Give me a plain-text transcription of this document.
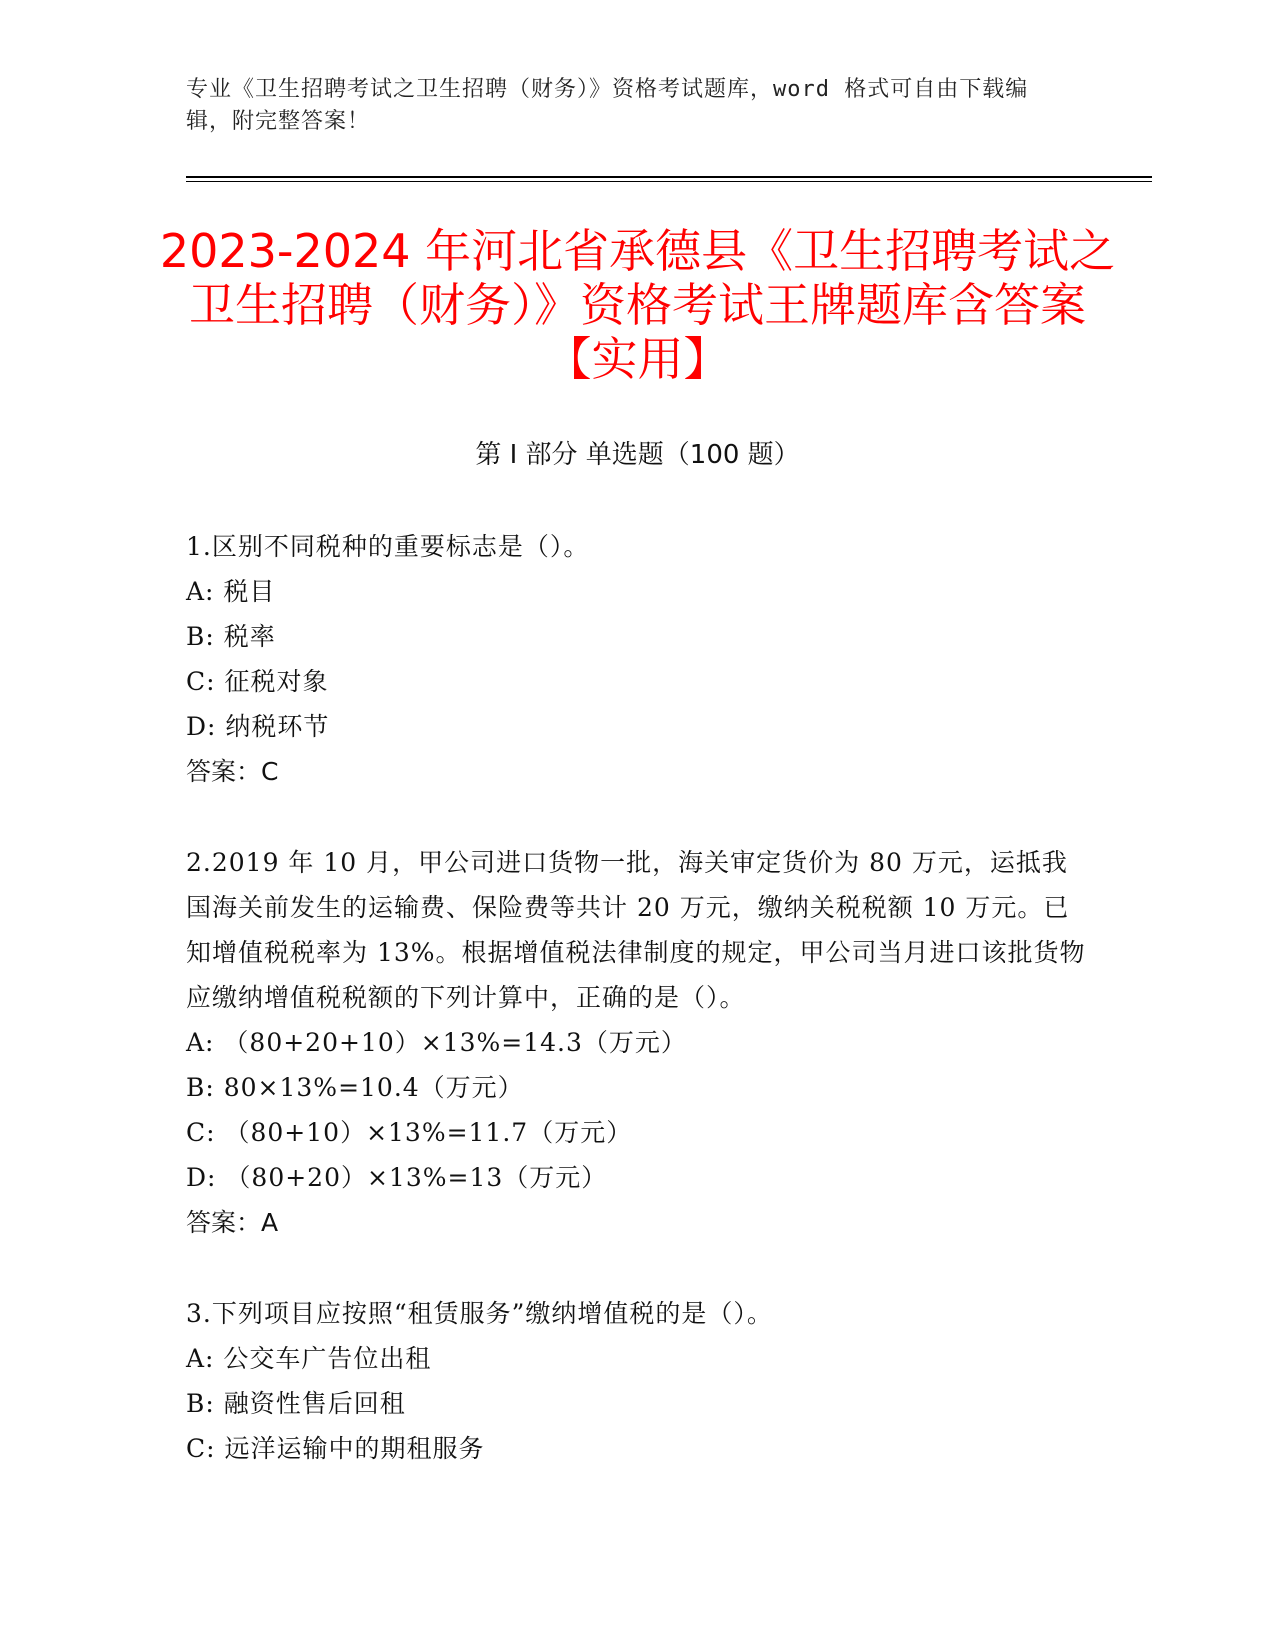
专业《卫生招聘考试之卫生招聘（财务）》资格考试题库，word 格式可自由下载编辑，附完整答案！
2023-2024 年河北省承德县《卫生招聘考试之卫生招聘（财务）》资格考试王牌题库含答案【实用】
第 I 部分 单选题（100 题）

1.区别不同税种的重要标志是（）。

A: 税目

B: 税率

C: 征税对象

D: 纳税环节

答案：C

2.2019 年 10 月，甲公司进口货物一批，海关审定货价为 80 万元，运抵我国海关前发生的运输费、保险费等共计 20 万元，缴纳关税税额 10 万元。已知增值税税率为 13%。根据增值税法律制度的规定，甲公司当月进口该批货物应缴纳增值税税额的下列计算中，正确的是（）。

A: （80+20+10）×13%=14.3（万元）

B: 80×13%=10.4（万元）

C: （80+10）×13%=11.7（万元）

D: （80+20）×13%=13（万元）

答案：A

3.下列项目应按照“租赁服务”缴纳增值税的是（）。

A: 公交车广告位出租

B: 融资性售后回租

C: 远洋运输中的期租服务
